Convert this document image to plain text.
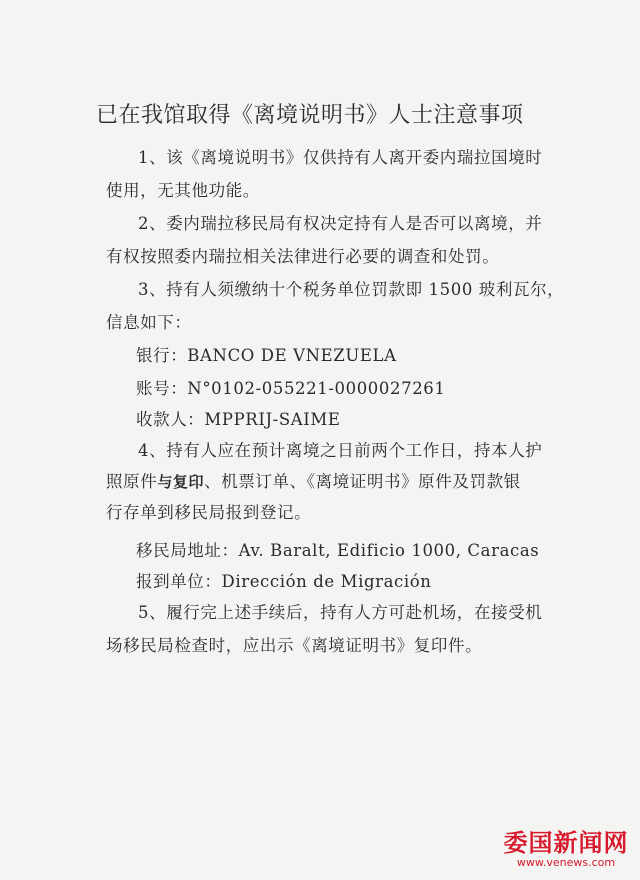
已在我馆取得《离境说明书》人士注意事项
1、该《离境说明书》仅供持有人离开委内瑞拉国境时
使用，无其他功能。
2、委内瑞拉移民局有权决定持有人是否可以离境，并
有权按照委内瑞拉相关法律进行必要的调查和处罚。
3、持有人须缴纳十个税务单位罚款即 1500 玻利瓦尔，
信息如下：
银行：BANCO DE VNEZUELA
账号：N°0102-055221-0000027261
收款人：MPPRIJ-SAIME
4、持有人应在预计离境之日前两个工作日，持本人护
照原件与复印、机票订单、《离境证明书》原件及罚款银
行存单到移民局报到登记。
移民局地址：Av. Baralt, Edificio 1000, Caracas
报到单位：Dirección de Migración
5、履行完上述手续后，持有人方可赴机场，在接受机
场移民局检查时，应出示《离境证明书》复印件。
委国新闻网
www.venews.com
